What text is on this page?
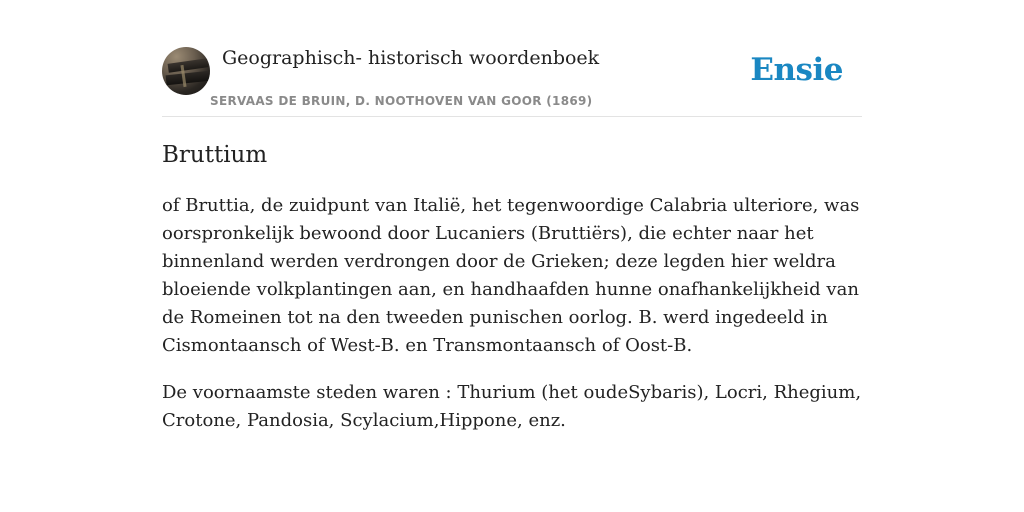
Geographisch- historisch woordenboek
SERVAAS DE BRUIN, D. NOOTHOVEN VAN GOOR (1869)
Ensie
Bruttium

of Bruttia, de zuidpunt van Italië, het tegenwoordige Calabria ulteriore, was oorspronkelijk bewoond door Lucaniers (Bruttiërs), die echter naar het binnenland werden verdrongen door de Grieken; deze legden hier weldra bloeiende volkplantingen aan, en handhaafden hunne onafhankelijkheid van de Romeinen tot na den tweeden punischen oorlog. B. werd ingedeeld in Cismontaansch of West-B. en Transmontaansch of Oost-B.

De voornaamste steden waren : Thurium (het oudeSybaris), Locri, Rhegium, Crotone, Pandosia, Scylacium,Hippone, enz.
